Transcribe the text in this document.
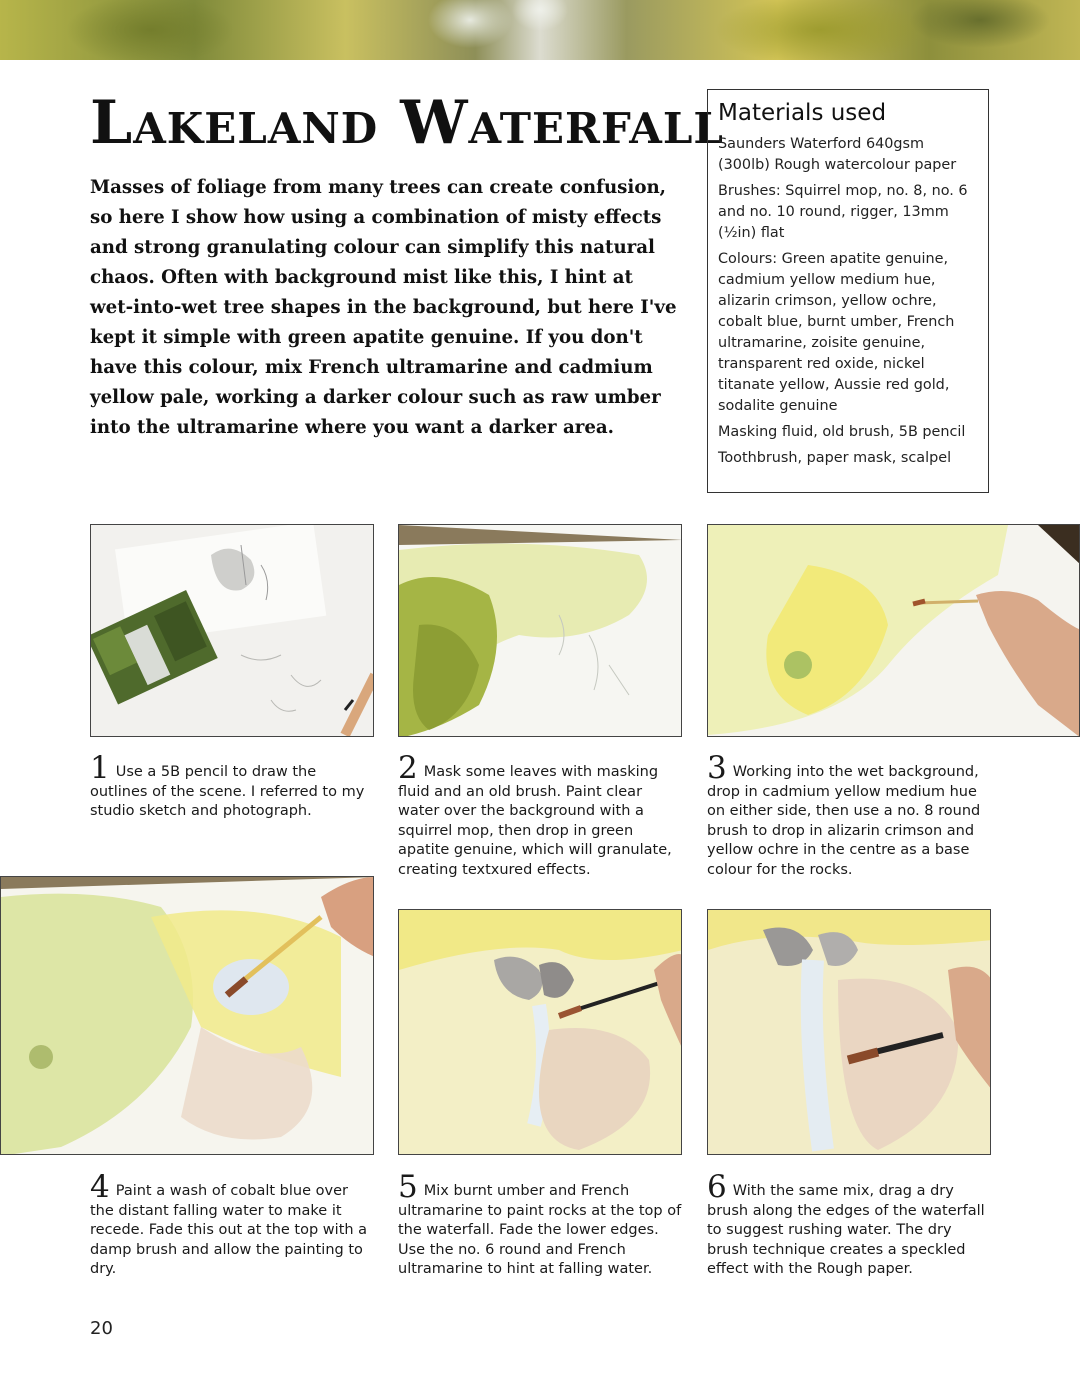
Lakeland Waterfall

Masses of foliage from many trees can create confusion, so here I show how using a combination of misty effects and strong granulating colour can simplify this natural chaos. Often with background mist like this, I hint at wet-into-wet tree shapes in the background, but here I've kept it simple with green apatite genuine. If you don't have this colour, mix French ultramarine and cadmium yellow pale, working a darker colour such as raw umber into the ultramarine where you want a darker area.

Materials used
Saunders Waterford 640gsm (300lb) Rough watercolour paper
Brushes: Squirrel mop, no. 8, no. 6 and no. 10 round, rigger, 13mm (½in) flat
Colours: Green apatite genuine, cadmium yellow medium hue, alizarin crimson, yellow ochre, cobalt blue, burnt umber, French ultramarine, zoisite genuine, transparent red oxide, nickel titanate yellow, Aussie red gold, sodalite genuine
Masking fluid, old brush, 5B pencil
Toothbrush, paper mask, scalpel
1 Use a 5B pencil to draw the outlines of the scene. I referred to my studio sketch and photograph.
2 Mask some leaves with masking fluid and an old brush. Paint clear water over the background with a squirrel mop, then drop in green apatite genuine, which will granulate, creating textxured effects.
3 Working into the wet background, drop in cadmium yellow medium hue on either side, then use a no. 8 round brush to drop in alizarin crimson and yellow ochre in the centre as a base colour for the rocks.
4 Paint a wash of cobalt blue over the distant falling water to make it recede. Fade this out at the top with a damp brush and allow the painting to dry.
5 Mix burnt umber and French ultramarine to paint rocks at the top of the waterfall. Fade the lower edges. Use the no. 6 round and French ultramarine to hint at falling water.
6 With the same mix, drag a dry brush along the edges of the waterfall to suggest rushing water. The dry brush technique creates a speckled effect with the Rough paper.
20
